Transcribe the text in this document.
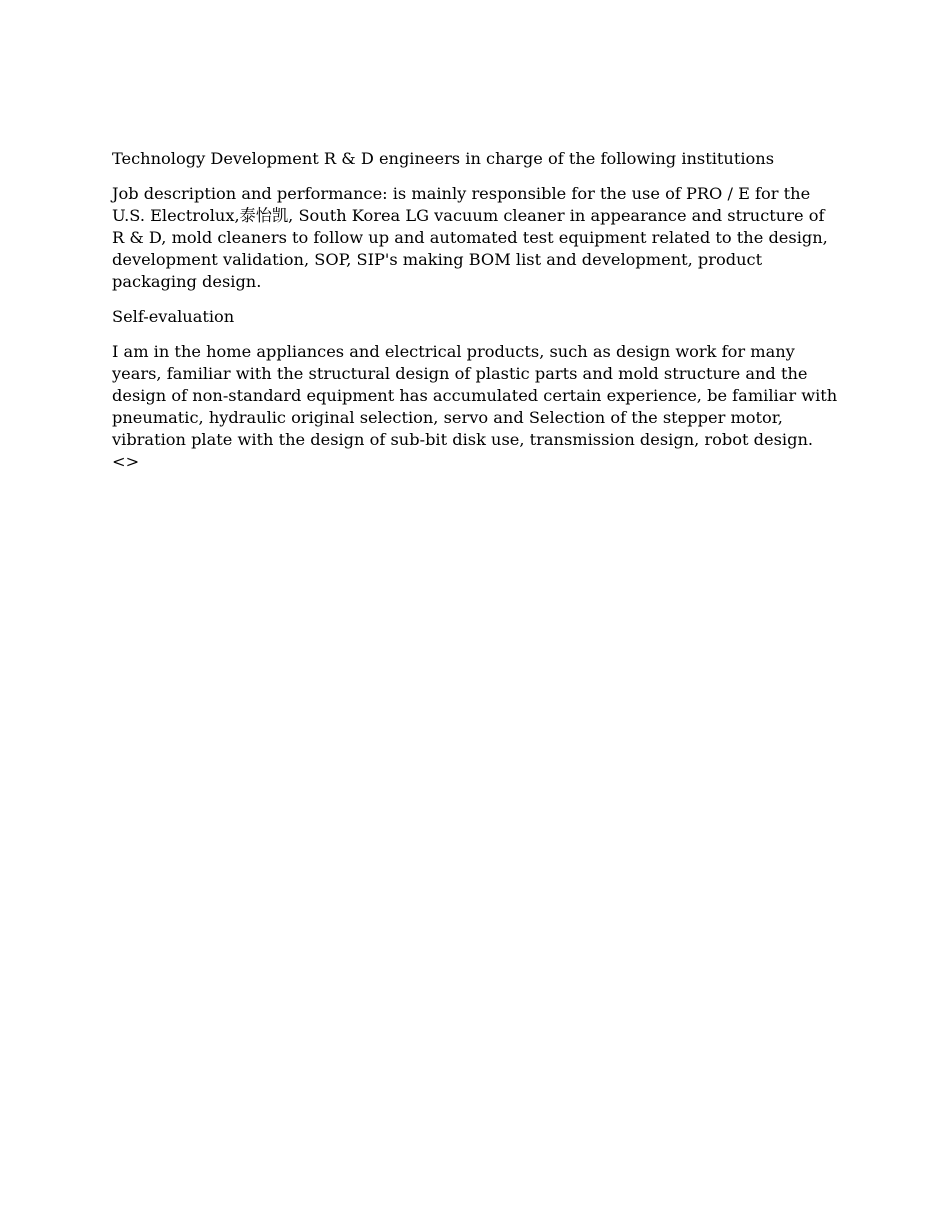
Technology Development R & D engineers in charge of the following institutions

Job description and performance: is mainly responsible for the use of PRO / E for the U.S. Electrolux,泰怡凯, South Korea LG vacuum cleaner in appearance and structure of R & D, mold cleaners to follow up and automated test equipment related to the design, development validation, SOP, SIP's making BOM list and development, product packaging design.

Self-evaluation

I am in the home appliances and electrical products, such as design work for many years, familiar with the structural design of plastic parts and mold structure and the design of non-standard equipment has accumulated certain experience, be familiar with pneumatic, hydraulic original selection, servo and Selection of the stepper motor, vibration plate with the design of sub-bit disk use, transmission design, robot design.<>
